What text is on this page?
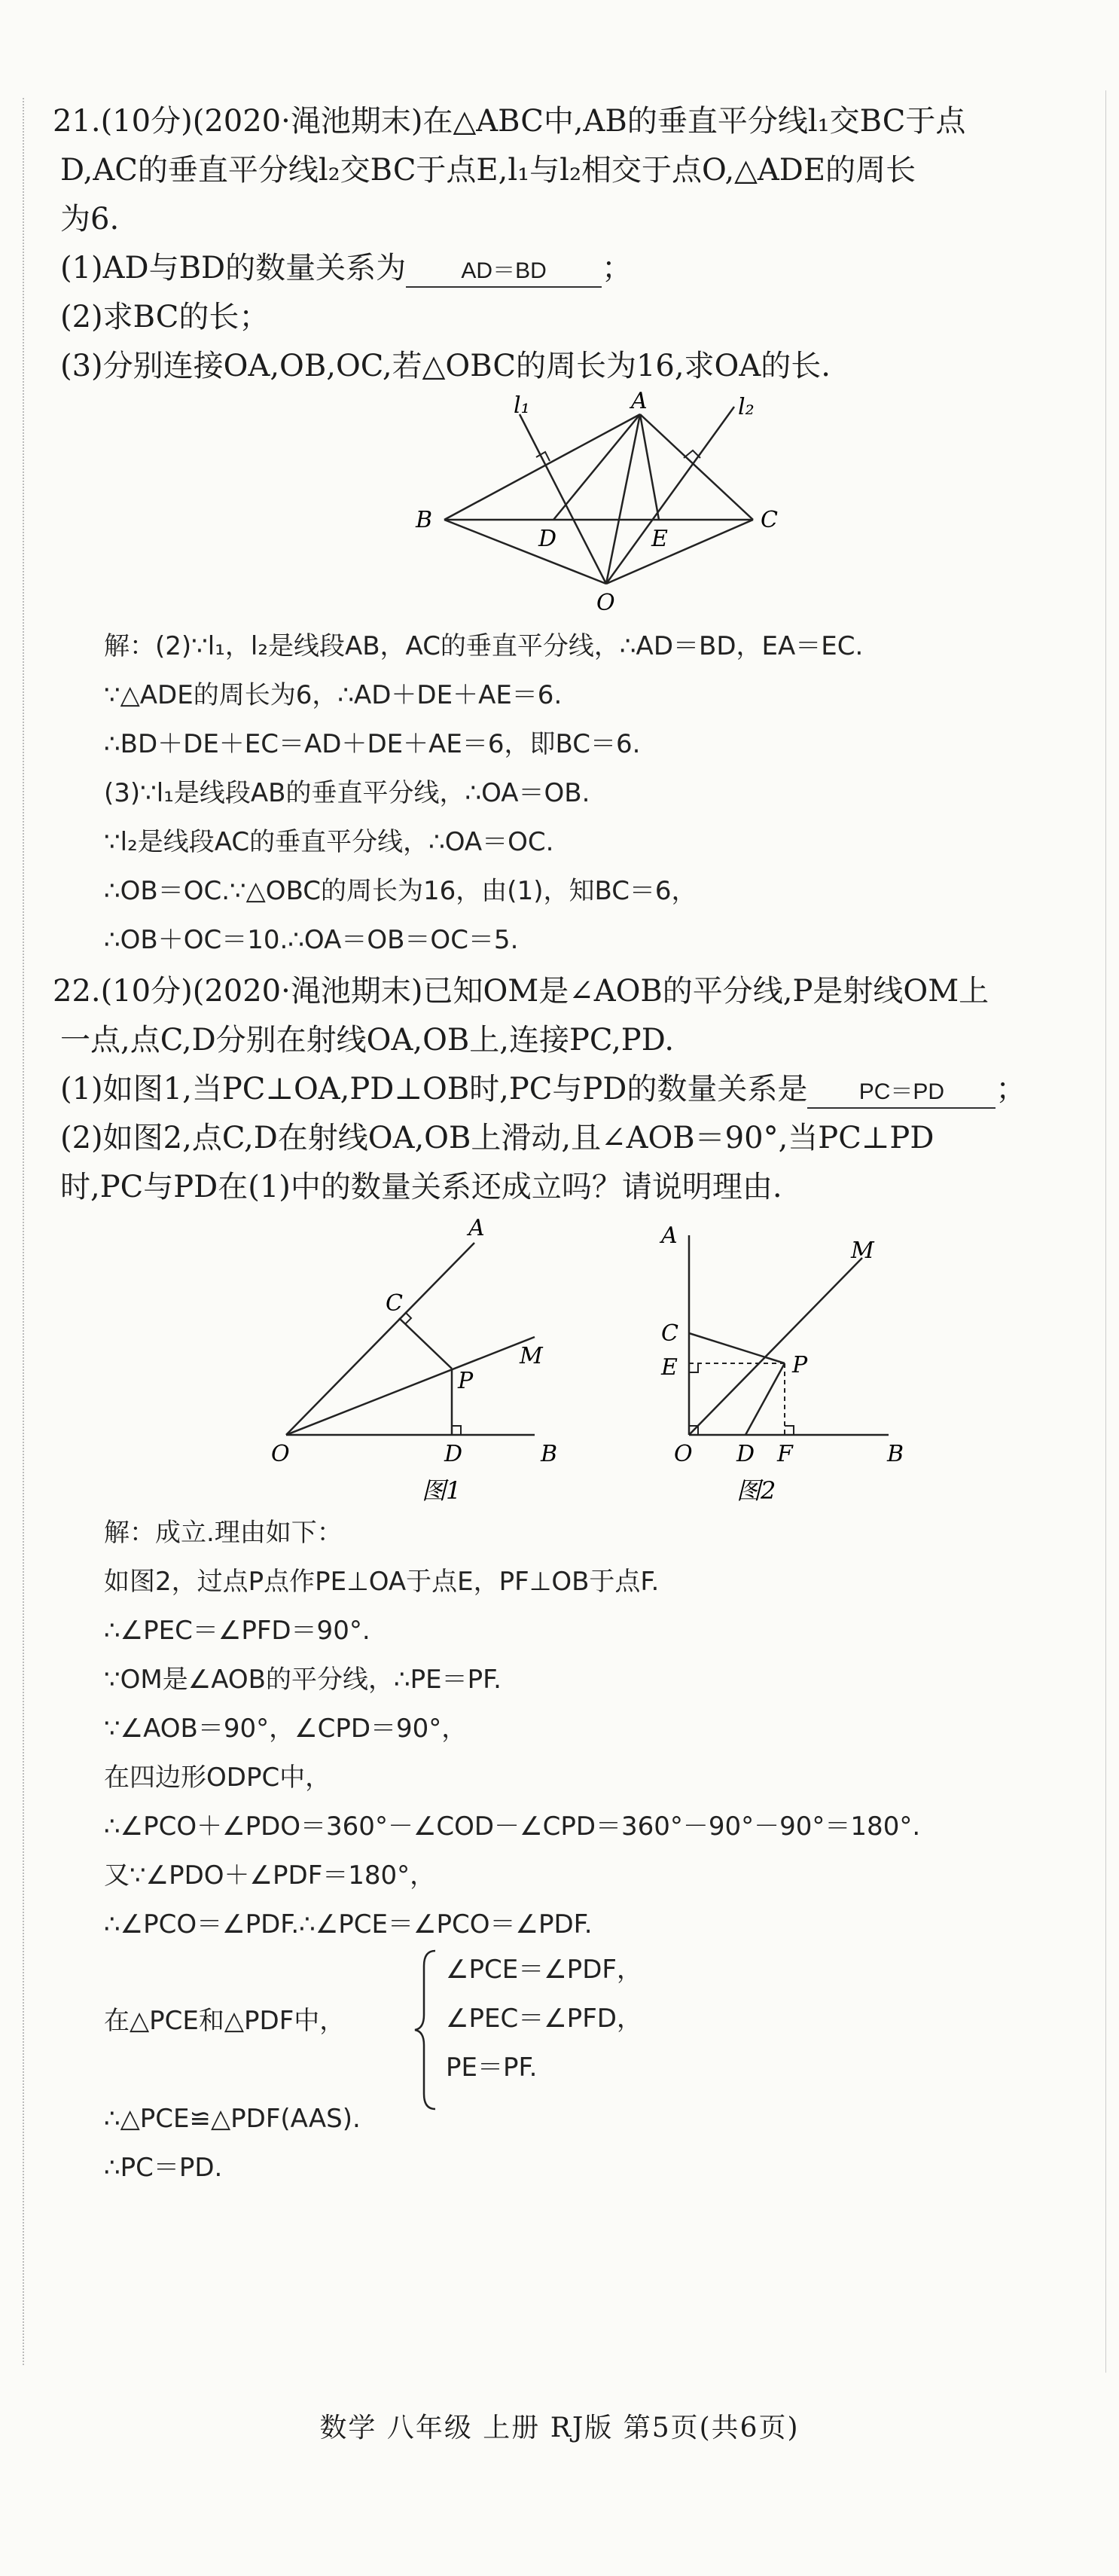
21.(10分)(2020·渑池期末)在△ABC中,AB的垂直平分线l₁交BC于点
D,AC的垂直平分线l₂交BC于点E,l₁与l₂相交于点O,△ADE的周长
为6.
(1)AD与BD的数量关系为 AD＝BD ；
(2)求BC的长；
(3)分别连接OA,OB,OC,若△OBC的周长为16,求OA的长.
l₁	l₂
A
B	C
D	E
O
解：(2)∵l₁，l₂是线段AB，AC的垂直平分线，∴AD＝BD，EA＝EC.
∵△ADE的周长为6，∴AD＋DE＋AE＝6.
∴BD＋DE＋EC＝AD＋DE＋AE＝6，即BC＝6.
(3)∵l₁是线段AB的垂直平分线，∴OA＝OB.
∵l₂是线段AC的垂直平分线，∴OA＝OC.
∴OB＝OC.∵△OBC的周长为16，由(1)，知BC＝6，
∴OB＋OC＝10.∴OA＝OB＝OC＝5.
22.(10分)(2020·渑池期末)已知OM是∠AOB的平分线,P是射线OM上
一点,点C,D分别在射线OA,OB上,连接PC,PD.
(1)如图1,当PC⊥OA,PD⊥OB时,PC与PD的数量关系是 PC＝PD ；
(2)如图2,点C,D在射线OA,OB上滑动,且∠AOB＝90°,当PC⊥PD
时,PC与PD在(1)中的数量关系还成立吗？请说明理由.
A
C
M
P
O	D	B
图1
A
C
E
M
P
O D F	B
图2
解：成立.理由如下：
如图2，过点P点作PE⊥OA于点E，PF⊥OB于点F.
∴∠PEC＝∠PFD＝90°.
∵OM是∠AOB的平分线，∴PE＝PF.
∵∠AOB＝90°，∠CPD＝90°，
在四边形ODPC中，
∴∠PCO＋∠PDO＝360°－∠COD－∠CPD＝360°－90°－90°＝180°.
又∵∠PDO＋∠PDF＝180°，
∴∠PCO＝∠PDF.∴∠PCE＝∠PCO＝∠PDF.
在△PCE和△PDF中，
∠PCE＝∠PDF，
∠PEC＝∠PFD，
PE＝PF.
∴△PCE≌△PDF(AAS).
∴PC＝PD.
数学 八年级 上册 RJ版 第5页(共6页)
